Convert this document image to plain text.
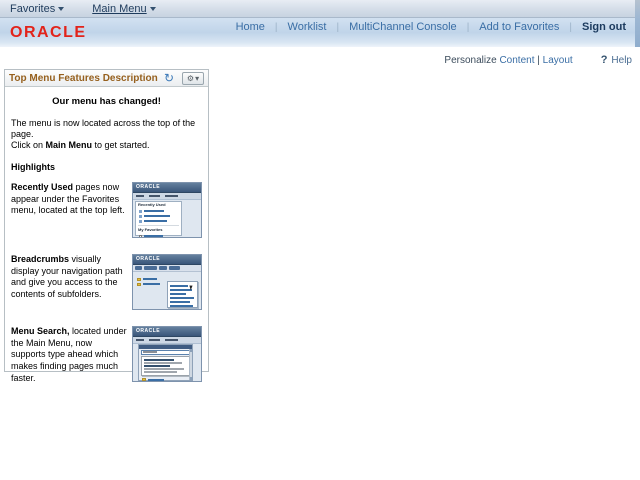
Favorites	Main Menu
ORACLE	Home | Worklist | MultiChannel Console | Add to Favorites | Sign out
Personalize
Content
|
Layout	? Help
Top Menu Features Description ↻ ⚙ ▾
Our menu has changed!
The menu is now located across the top of the page.
Click on Main Menu to get started.
Highlights
Recently Used pages now appear under the Favorites menu, located at the top left.
ORACLE
Recently Used
My Favorites
Breadcrumbs visually display your navigation path and give you access to the contents of subfolders.
ORACLE
Menu Search, located under the Main Menu, now supports type ahead which makes finding pages much faster.
ORACLE
